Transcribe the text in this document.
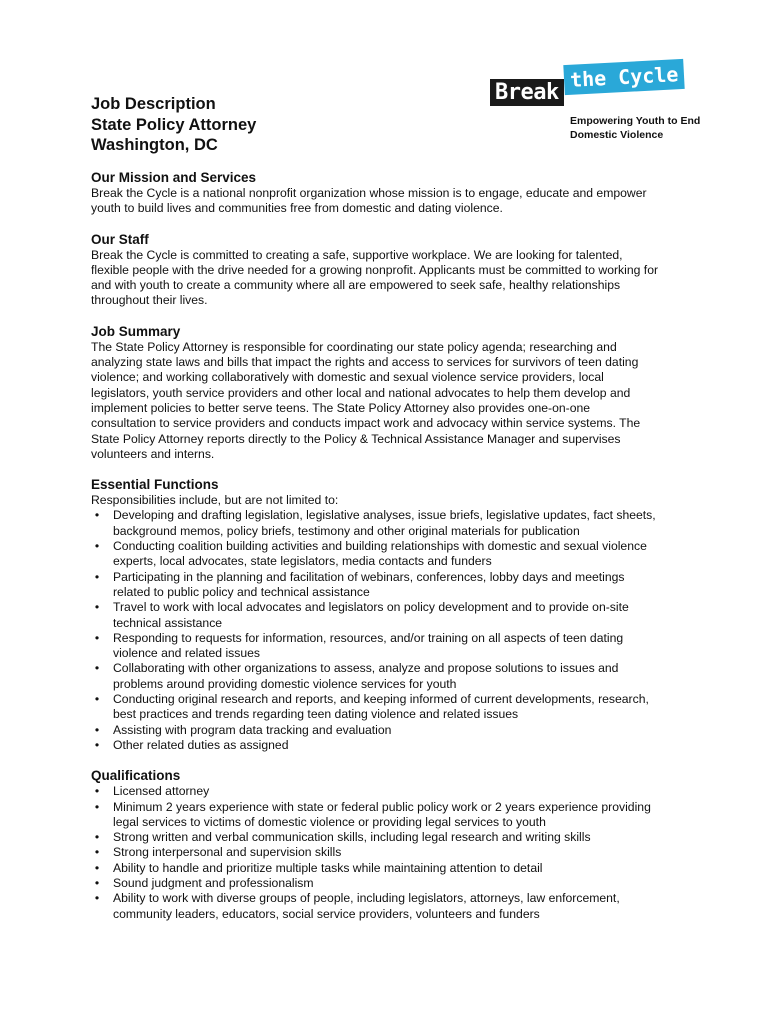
Job Description
State Policy Attorney
Washington, DC
Break
the Cycle
Empowering Youth to End
Domestic Violence
Our Mission and Services

Break the Cycle is a national nonprofit organization whose mission is to engage, educate and empower
youth to build lives and communities free from domestic and dating violence.

Our Staff

Break the Cycle is committed to creating a safe, supportive workplace. We are looking for talented,
flexible people with the drive needed for a growing nonprofit. Applicants must be committed to working for
and with youth to create a community where all are empowered to seek safe, healthy relationships
throughout their lives.

Job Summary

The State Policy Attorney is responsible for coordinating our state policy agenda; researching and
analyzing state laws and bills that impact the rights and access to services for survivors of teen dating
violence; and working collaboratively with domestic and sexual violence service providers, local
legislators, youth service providers and other local and national advocates to help them develop and
implement policies to better serve teens. The State Policy Attorney also provides one-on-one
consultation to service providers and conducts impact work and advocacy within service systems. The
State Policy Attorney reports directly to the Policy & Technical Assistance Manager and supervises
volunteers and interns.

Essential Functions

Responsibilities include, but are not limited to:

•	Developing and drafting legislation, legislative analyses, issue briefs, legislative updates, fact sheets,
background memos, policy briefs, testimony and other original materials for publication
•	Conducting coalition building activities and building relationships with domestic and sexual violence
experts, local advocates, state legislators, media contacts and funders
•	Participating in the planning and facilitation of webinars, conferences, lobby days and meetings
related to public policy and technical assistance
•	Travel to work with local advocates and legislators on policy development and to provide on-site
technical assistance
•	Responding to requests for information, resources, and/or training on all aspects of teen dating
violence and related issues
•	Collaborating with other organizations to assess, analyze and propose solutions to issues and
problems around providing domestic violence services for youth
•	Conducting original research and reports, and keeping informed of current developments, research,
best practices and trends regarding teen dating violence and related issues
•	Assisting with program data tracking and evaluation
•	Other related duties as assigned
Qualifications
•	Licensed attorney
•	Minimum 2 years experience with state or federal public policy work or 2 years experience providing
legal services to victims of domestic violence or providing legal services to youth
•	Strong written and verbal communication skills, including legal research and writing skills
•	Strong interpersonal and supervision skills
•	Ability to handle and prioritize multiple tasks while maintaining attention to detail
•	Sound judgment and professionalism
•	Ability to work with diverse groups of people, including legislators, attorneys, law enforcement,
community leaders, educators, social service providers, volunteers and funders
